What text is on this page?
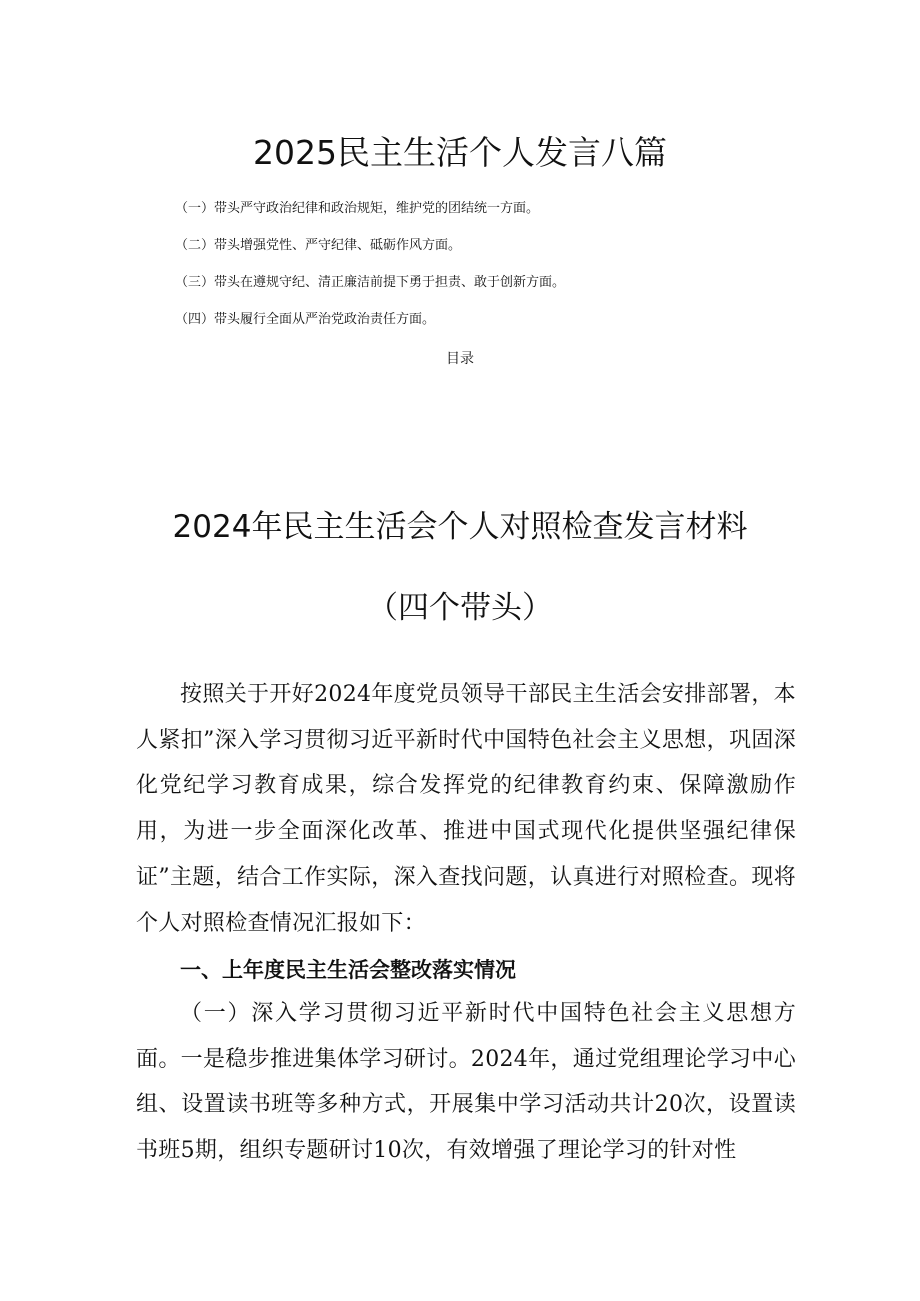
2025民主生活个人发言八篇
（一）带头严守政治纪律和政治规矩，维护党的团结统一方面。
（二）带头增强党性、严守纪律、砥砺作风方面。
（三）带头在遵规守纪、清正廉洁前提下勇于担责、敢于创新方面。
（四）带头履行全面从严治党政治责任方面。
目录
2024年民主生活会个人对照检查发言材料
（四个带头）

按照关于开好2024年度党员领导干部民主生活会安排部署，本人紧扣”深入学习贯彻习近平新时代中国特色社会主义思想，巩固深化党纪学习教育成果，综合发挥党的纪律教育约束、保障激励作用，为进一步全面深化改革、推进中国式现代化提供坚强纪律保证”主题，结合工作实际，深入查找问题，认真进行对照检查。现将个人对照检查情况汇报如下：

一、上年度民主生活会整改落实情况

（一）深入学习贯彻习近平新时代中国特色社会主义思想方面。一是稳步推进集体学习研讨。2024年，通过党组理论学习中心组、设置读书班等多种方式，开展集中学习活动共计20次，设置读书班5期，组织专题研讨10次，有效增强了理论学习的针对性
